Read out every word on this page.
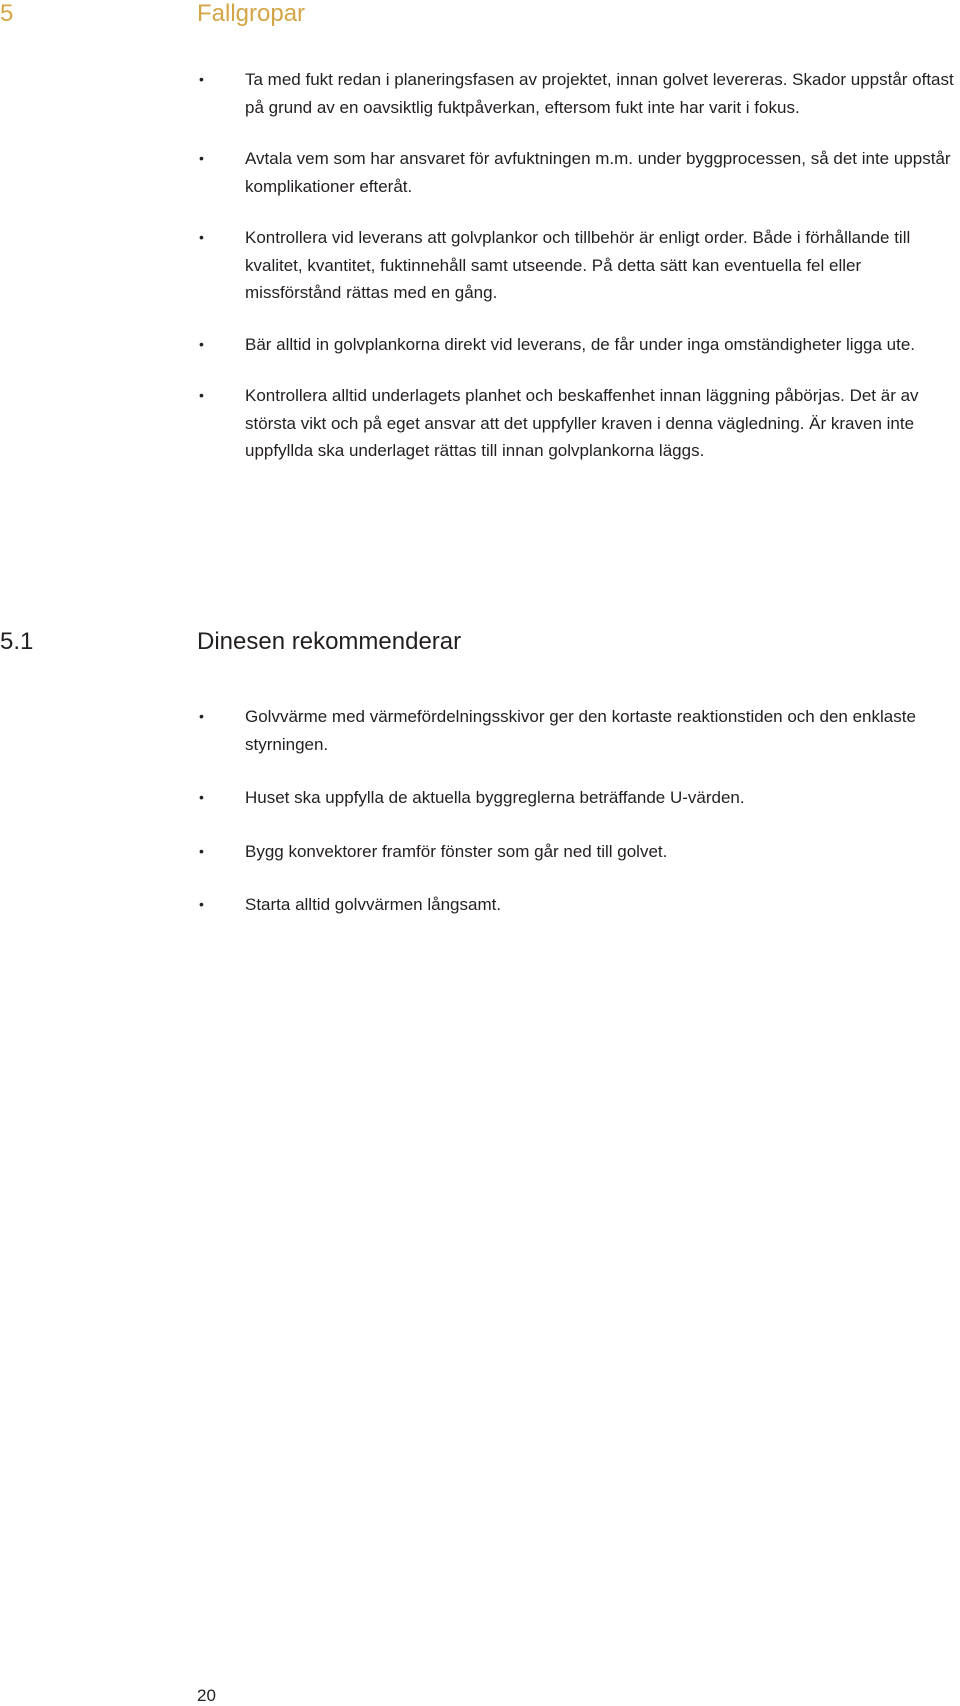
5	Fallgropar
• Ta med fukt redan i planeringsfasen av projektet, innan golvet levereras. Skador uppstår oftast på grund av en oavsiktlig fuktpåverkan, eftersom fukt inte har varit i fokus.
• Avtala vem som har ansvaret för avfuktningen m.m. under byggprocessen, så det inte uppstår komplikationer efteråt.
• Kontrollera vid leverans att golvplankor och tillbehör är enligt order. Både i förhållande till kvalitet, kvantitet, fuktinnehåll samt utseende. På detta sätt kan eventuella fel eller missförstånd rättas med en gång.
• Bär alltid in golvplankorna direkt vid leverans, de får under inga omständigheter ligga ute.
• Kontrollera alltid underlagets planhet och beskaffenhet innan läggning påbörjas. Det är av största vikt och på eget ansvar att det uppfyller kraven i denna vägledning. Är kraven inte uppfyllda ska underlaget rättas till innan golvplankorna läggs.
5.1	Dinesen rekommenderar
• Golvvärme med värmefördelningsskivor ger den kortaste reaktionstiden och den enklaste styrningen.
• Huset ska uppfylla de aktuella byggreglerna beträffande U-värden.
• Bygg konvektorer framför fönster som går ned till golvet.
• Starta alltid golvvärmen långsamt.
20
